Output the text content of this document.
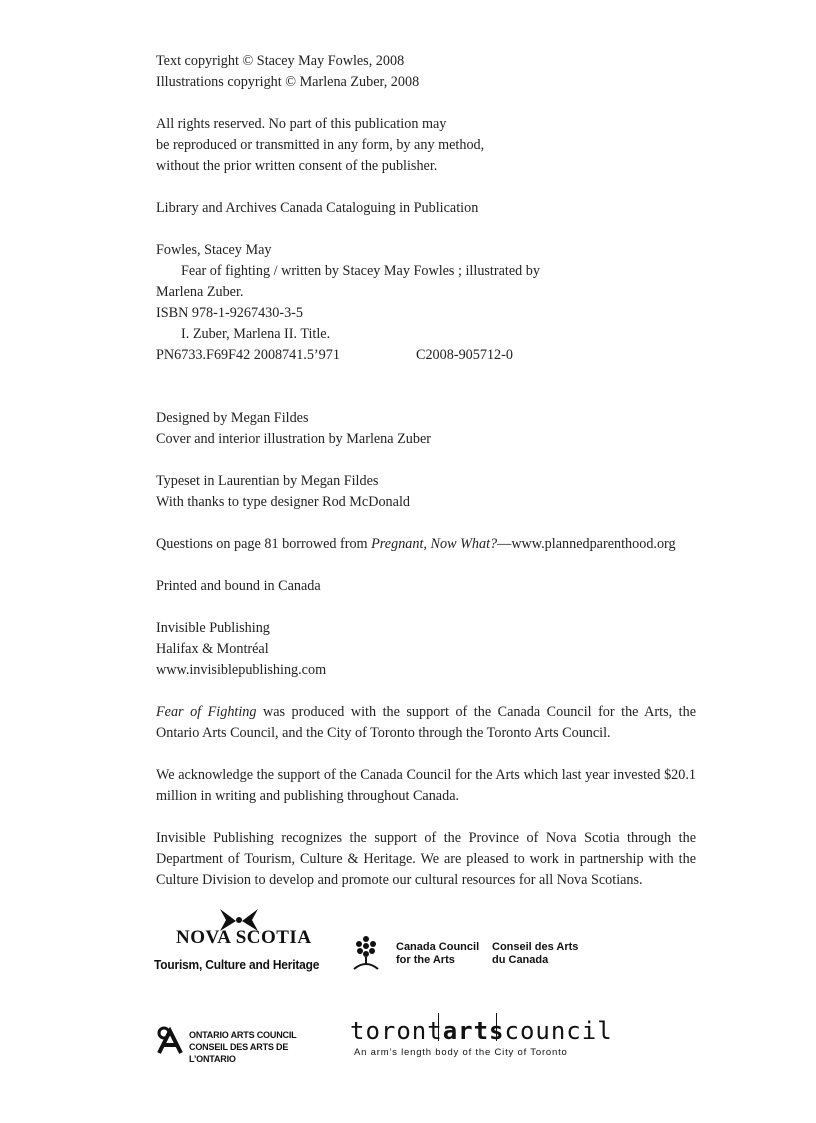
Text copyright © Stacey May Fowles, 2008
Illustrations copyright © Marlena Zuber, 2008
All rights reserved. No part of this publication may
be reproduced or transmitted in any form, by any method,
without the prior written consent of the publisher.
Library and Archives Canada Cataloguing in Publication
Fowles, Stacey May
Fear of fighting / written by Stacey May Fowles ; illustrated by
Marlena Zuber.
ISBN 978-1-9267430-3-5
I. Zuber, Marlena II. Title.
PN6733.F69F42 2008741.5’971	C2008-905712-0
Designed by Megan Fildes
Cover and interior illustration by Marlena Zuber
Typeset in Laurentian by Megan Fildes
With thanks to type designer Rod McDonald
Questions on page 81 borrowed from Pregnant, Now What?—www.plannedparenthood.org
Printed and bound in Canada
Invisible Publishing
Halifax & Montréal
www.invisiblepublishing.com
Fear of Fighting was produced with the support of the Canada Council for the Arts, the Ontario Arts Council, and the City of Toronto through the Toronto Arts Council.
We acknowledge the support of the Canada Council for the Arts which last year invested $20.1 million in writing and publishing throughout Canada.
Invisible Publishing recognizes the support of the Province of Nova Scotia through the Department of Tourism, Culture & Heritage. We are pleased to work in partnership with the Culture Division to develop and promote our cultural resources for all Nova Scotians.
NOVA SCOTIA
Tourism, Culture and Heritage
Canada Council
for the Arts
Conseil des Arts
du Canada
ONTARIO ARTS COUNCIL
CONSEIL DES ARTS DE L’ONTARIO
torontartscouncil
An arm’s length body of the City of Toronto
